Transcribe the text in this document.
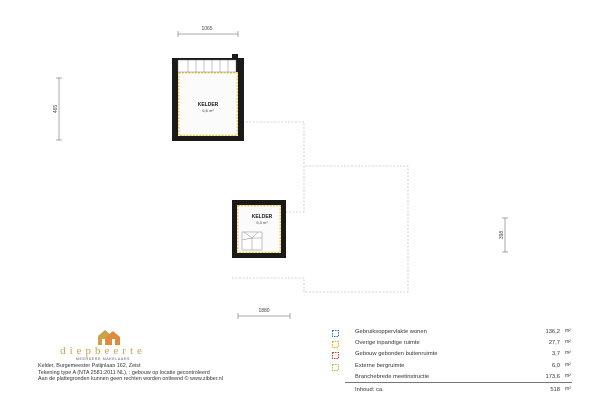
1065
465	KELDER
6,6 m²
KELDER
5,5 m²
398
1880
diepbeerte
MEERDERE MAKELAARS
Kelder, Burgemeester Patijnlaan 162, Zeist
Tekening type A (NTA 2581:2011 NL), : gebouw op locatie gecontroleerd
Aan de plattegronden kunnen geen rechten worden ontleend © www.zibber.nl
Gebruiksoppervlakte wonen	136,2 m²
Overige inpandige ruimte	27,7 m²
Gebouw gebonden buitenruimte	3,7 m²
Externe bergruimte	6,0 m²
Branchebrede meetinstructie	173,6 m²
Inhoud: ca.	518 m³
